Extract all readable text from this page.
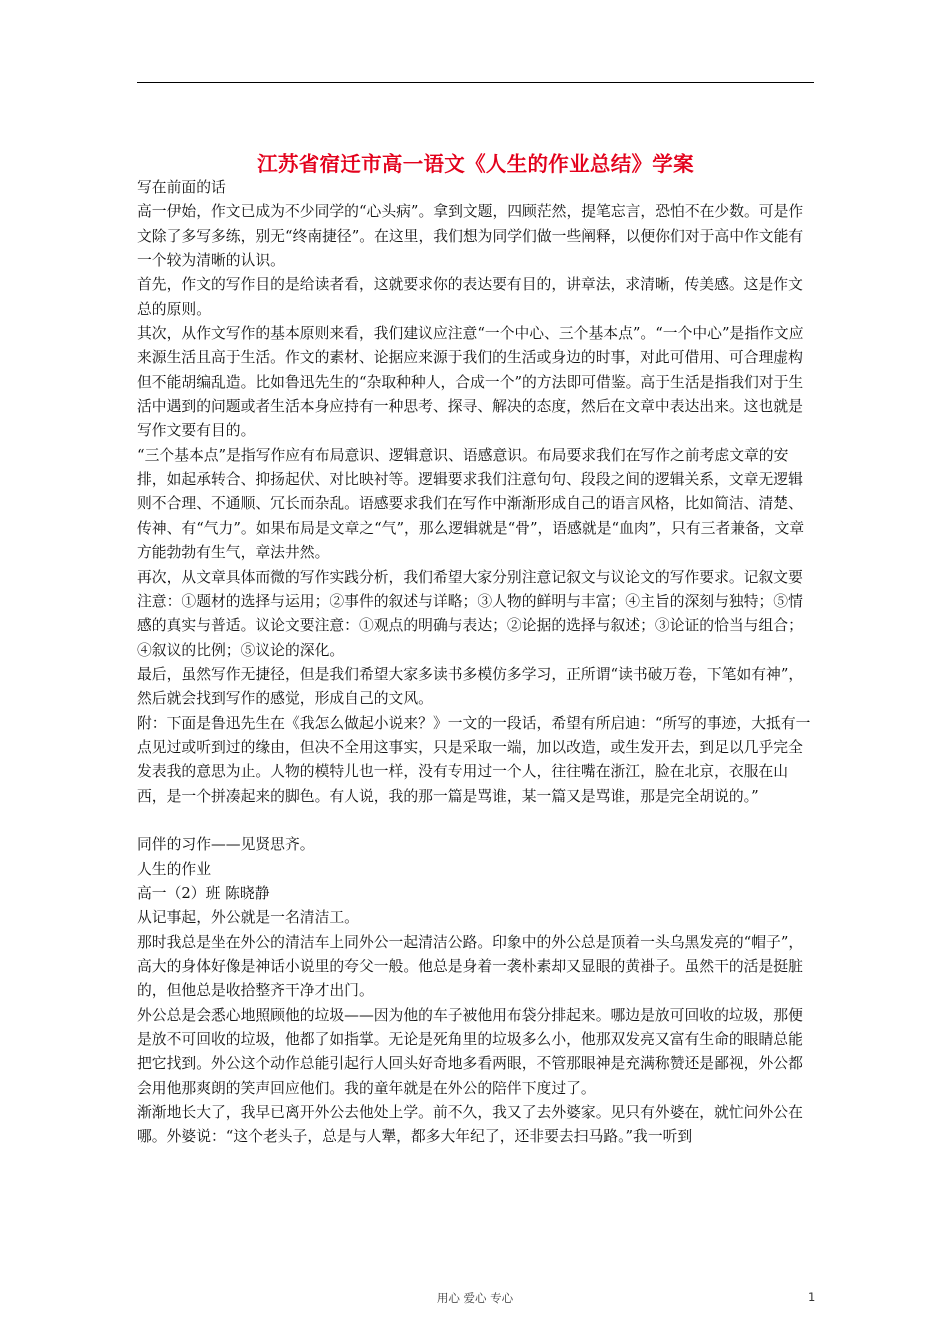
江苏省宿迁市高一语文《人生的作业总结》学案

写在前面的话

高一伊始，作文已成为不少同学的“心头病”。拿到文题，四顾茫然，提笔忘言，恐怕不在少数。可是作文除了多写多练，别无“终南捷径”。在这里，我们想为同学们做一些阐释，以便你们对于高中作文能有一个较为清晰的认识。

首先，作文的写作目的是给读者看，这就要求你的表达要有目的，讲章法，求清晰，传美感。这是作文总的原则。

其次，从作文写作的基本原则来看，我们建议应注意“一个中心、三个基本点”。“一个中心”是指作文应来源生活且高于生活。作文的素材、论据应来源于我们的生活或身边的时事，对此可借用、可合理虚构但不能胡编乱造。比如鲁迅先生的“杂取种种人，合成一个”的方法即可借鉴。高于生活是指我们对于生活中遇到的问题或者生活本身应持有一种思考、探寻、解决的态度，然后在文章中表达出来。这也就是写作文要有目的。

“三个基本点”是指写作应有布局意识、逻辑意识、语感意识。布局要求我们在写作之前考虑文章的安排，如起承转合、抑扬起伏、对比映衬等。逻辑要求我们注意句句、段段之间的逻辑关系，文章无逻辑则不合理、不通顺、冗长而杂乱。语感要求我们在写作中渐渐形成自己的语言风格，比如简洁、清楚、传神、有“气力”。如果布局是文章之“气”，那么逻辑就是“骨”，语感就是“血肉”，只有三者兼备，文章方能勃勃有生气，章法井然。

再次，从文章具体而微的写作实践分析，我们希望大家分别注意记叙文与议论文的写作要求。记叙文要注意：①题材的选择与运用；②事件的叙述与详略；③人物的鲜明与丰富；④主旨的深刻与独特；⑤情感的真实与普适。议论文要注意：①观点的明确与表达；②论据的选择与叙述；③论证的恰当与组合；④叙议的比例；⑤议论的深化。

最后，虽然写作无捷径，但是我们希望大家多读书多模仿多学习，正所谓“读书破万卷，下笔如有神”，然后就会找到写作的感觉，形成自己的文风。

附：下面是鲁迅先生在《我怎么做起小说来？》一文的一段话，希望有所启迪：“所写的事迹，大抵有一点见过或听到过的缘由，但决不全用这事实，只是采取一端，加以改造，或生发开去，到足以几乎完全发表我的意思为止。人物的模特儿也一样，没有专用过一个人，往往嘴在浙江，脸在北京，衣服在山西，是一个拼凑起来的脚色。有人说，我的那一篇是骂谁，某一篇又是骂谁，那是完全胡说的。”

同伴的习作——见贤思齐。

人生的作业

高一（2）班 陈晓静

从记事起，外公就是一名清洁工。

那时我总是坐在外公的清洁车上同外公一起清洁公路。印象中的外公总是顶着一头乌黑发亮的“帽子”，高大的身体好像是神话小说里的夸父一般。他总是身着一袭朴素却又显眼的黄褂子。虽然干的活是挺脏的，但他总是收拾整齐干净才出门。

外公总是会悉心地照顾他的垃圾——因为他的车子被他用布袋分排起来。哪边是放可回收的垃圾，那便是放不可回收的垃圾，他都了如指掌。无论是死角里的垃圾多么小，他那双发亮又富有生命的眼睛总能把它找到。外公这个动作总能引起行人回头好奇地多看两眼，不管那眼神是充满称赞还是鄙视，外公都会用他那爽朗的笑声回应他们。我的童年就是在外公的陪伴下度过了。

渐渐地长大了，我早已离开外公去他处上学。前不久，我又了去外婆家。见只有外婆在，就忙问外公在哪。外婆说：“这个老头子，总是与人犟，都多大年纪了，还非要去扫马路。”我一听到

用心 爱心 专心	1
